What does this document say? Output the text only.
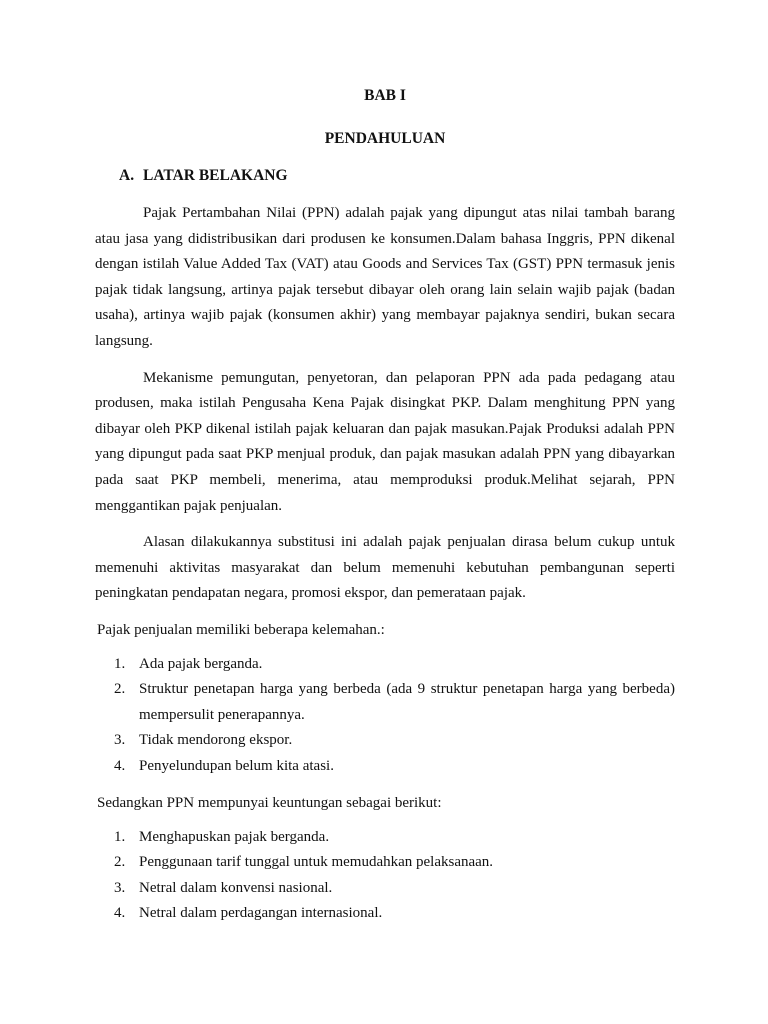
BAB I
PENDAHULUAN
A. LATAR BELAKANG

Pajak Pertambahan Nilai (PPN) adalah pajak yang dipungut atas nilai tambah barang atau jasa yang didistribusikan dari produsen ke konsumen.Dalam bahasa Inggris, PPN dikenal dengan istilah Value Added Tax (VAT) atau Goods and Services Tax (GST) PPN termasuk jenis pajak tidak langsung, artinya pajak tersebut dibayar oleh orang lain selain wajib pajak (badan usaha), artinya wajib pajak (konsumen akhir) yang membayar pajaknya sendiri, bukan secara langsung.

Mekanisme pemungutan, penyetoran, dan pelaporan PPN ada pada pedagang atau produsen, maka istilah Pengusaha Kena Pajak disingkat PKP. Dalam menghitung PPN yang dibayar oleh PKP dikenal istilah pajak keluaran dan pajak masukan.Pajak Produksi adalah PPN yang dipungut pada saat PKP menjual produk, dan pajak masukan adalah PPN yang dibayarkan pada saat PKP membeli, menerima, atau memproduksi produk.Melihat sejarah, PPN menggantikan pajak penjualan.

Alasan dilakukannya substitusi ini adalah pajak penjualan dirasa belum cukup untuk memenuhi aktivitas masyarakat dan belum memenuhi kebutuhan pembangunan seperti peningkatan pendapatan negara, promosi ekspor, dan pemerataan pajak.

Pajak penjualan memiliki beberapa kelemahan.:

1. Ada pajak berganda.
2. Struktur penetapan harga yang berbeda (ada 9 struktur penetapan harga yang berbeda) mempersulit penerapannya.
3. Tidak mendorong ekspor.
4. Penyelundupan belum kita atasi.

Sedangkan PPN mempunyai keuntungan sebagai berikut:

1. Menghapuskan pajak berganda.
2. Penggunaan tarif tunggal untuk memudahkan pelaksanaan.
3. Netral dalam konvensi nasional.
4. Netral dalam perdagangan internasional.
